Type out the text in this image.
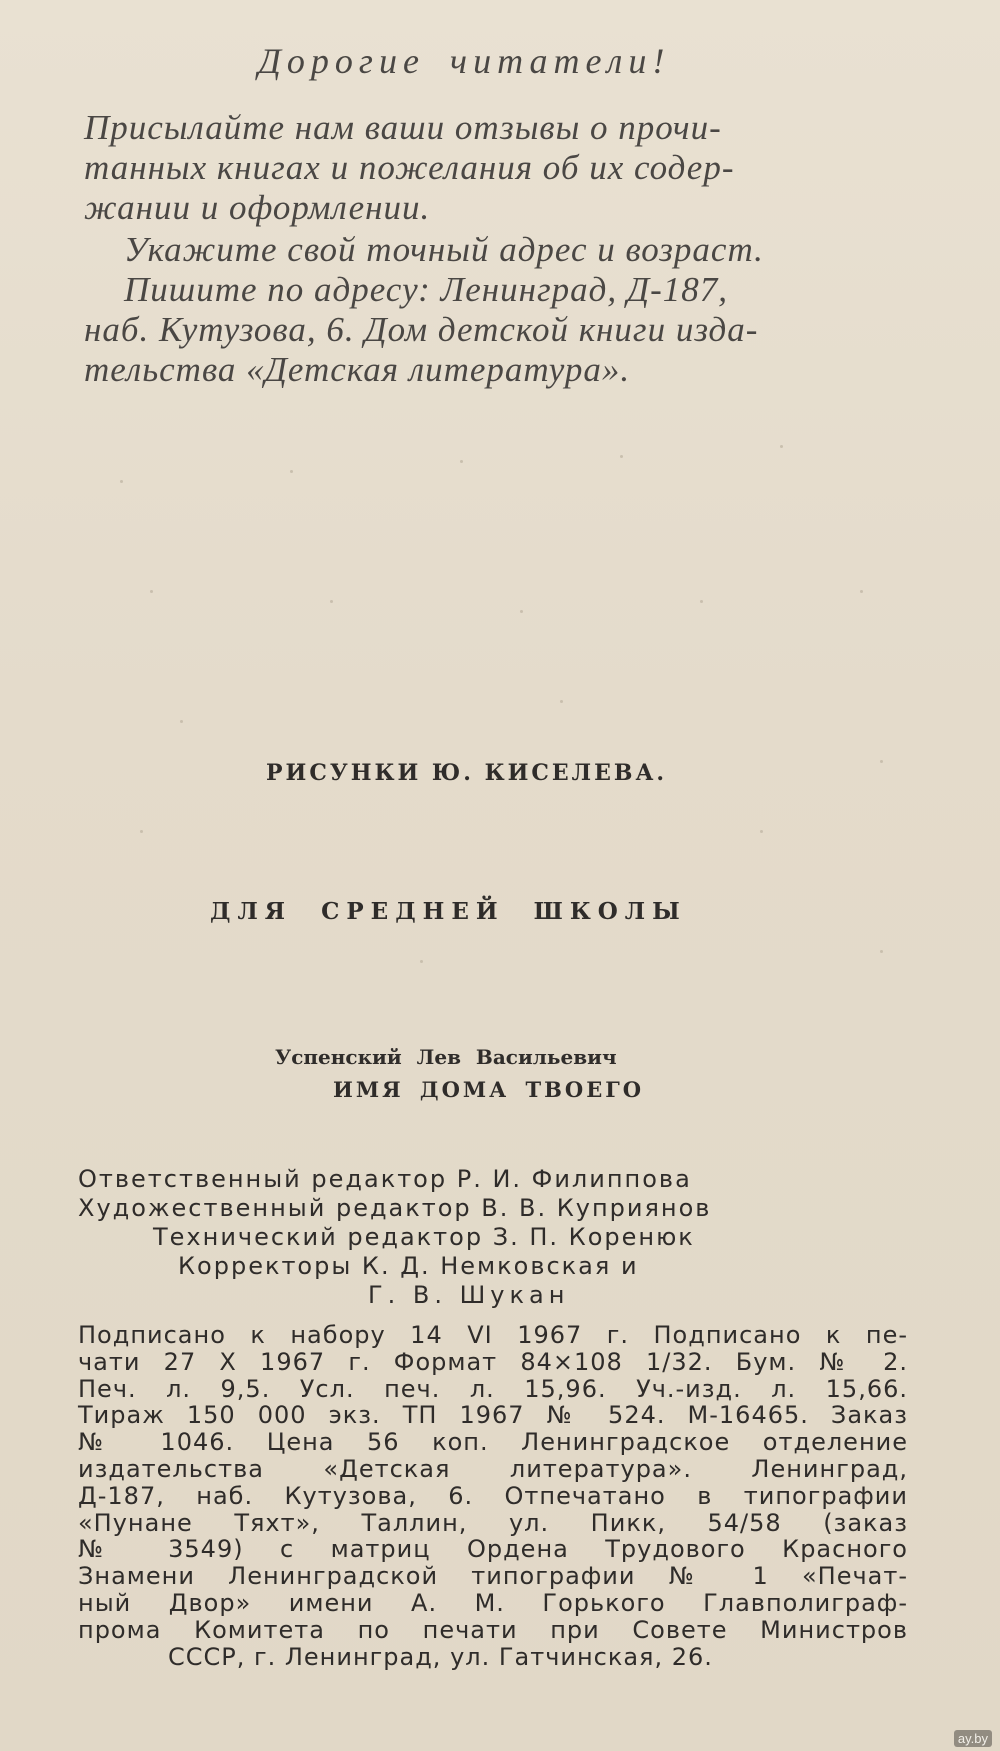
Дорогие читатели!
Присылайте нам ваши отзывы о прочи-
танных книгах и пожелания об их содер-
жании и оформлении.
Укажите свой точный адрес и возраст.
Пишите по адресу: Ленинград, Д-187,
наб. Кутузова, 6. Дом детской книги изда-
тельства «Детская литература».
РИСУНКИ Ю. КИСЕЛЕВА.
ДЛЯ СРЕДНЕЙ ШКОЛЫ
Успенский Лев Васильевич
ИМЯ ДОМА ТВОЕГО
Ответственный редактор Р. И. Филиппова
Художественный редактор В. В. Куприянов
Технический редактор З. П. Коренюк
Корректоры К. Д. Немковская и
Г. В. Шукан
Подписано к набору 14 VI 1967 г. Подписано к пе-
чати 27 X 1967 г. Формат 84×108 1/32. Бум. № 2.
Печ. л. 9,5. Усл. печ. л. 15,96. Уч.-изд. л. 15,66.
Тираж 150 000 экз. ТП 1967 № 524. М-16465. Заказ
№ 1046. Цена 56 коп. Ленинградское отделение
издательства «Детская литература». Ленинград,
Д-187, наб. Кутузова, 6. Отпечатано в типографии
«Пунане Тяхт», Таллин, ул. Пикк, 54/58 (заказ
№ 3549) с матриц Ордена Трудового Красного
Знамени Ленинградской типографии № 1 «Печат-
ный Двор» имени А. М. Горького Главполиграф-
прома Комитета по печати при Совете Министров
СССР, г. Ленинград, ул. Гатчинская, 26.
ay.by
